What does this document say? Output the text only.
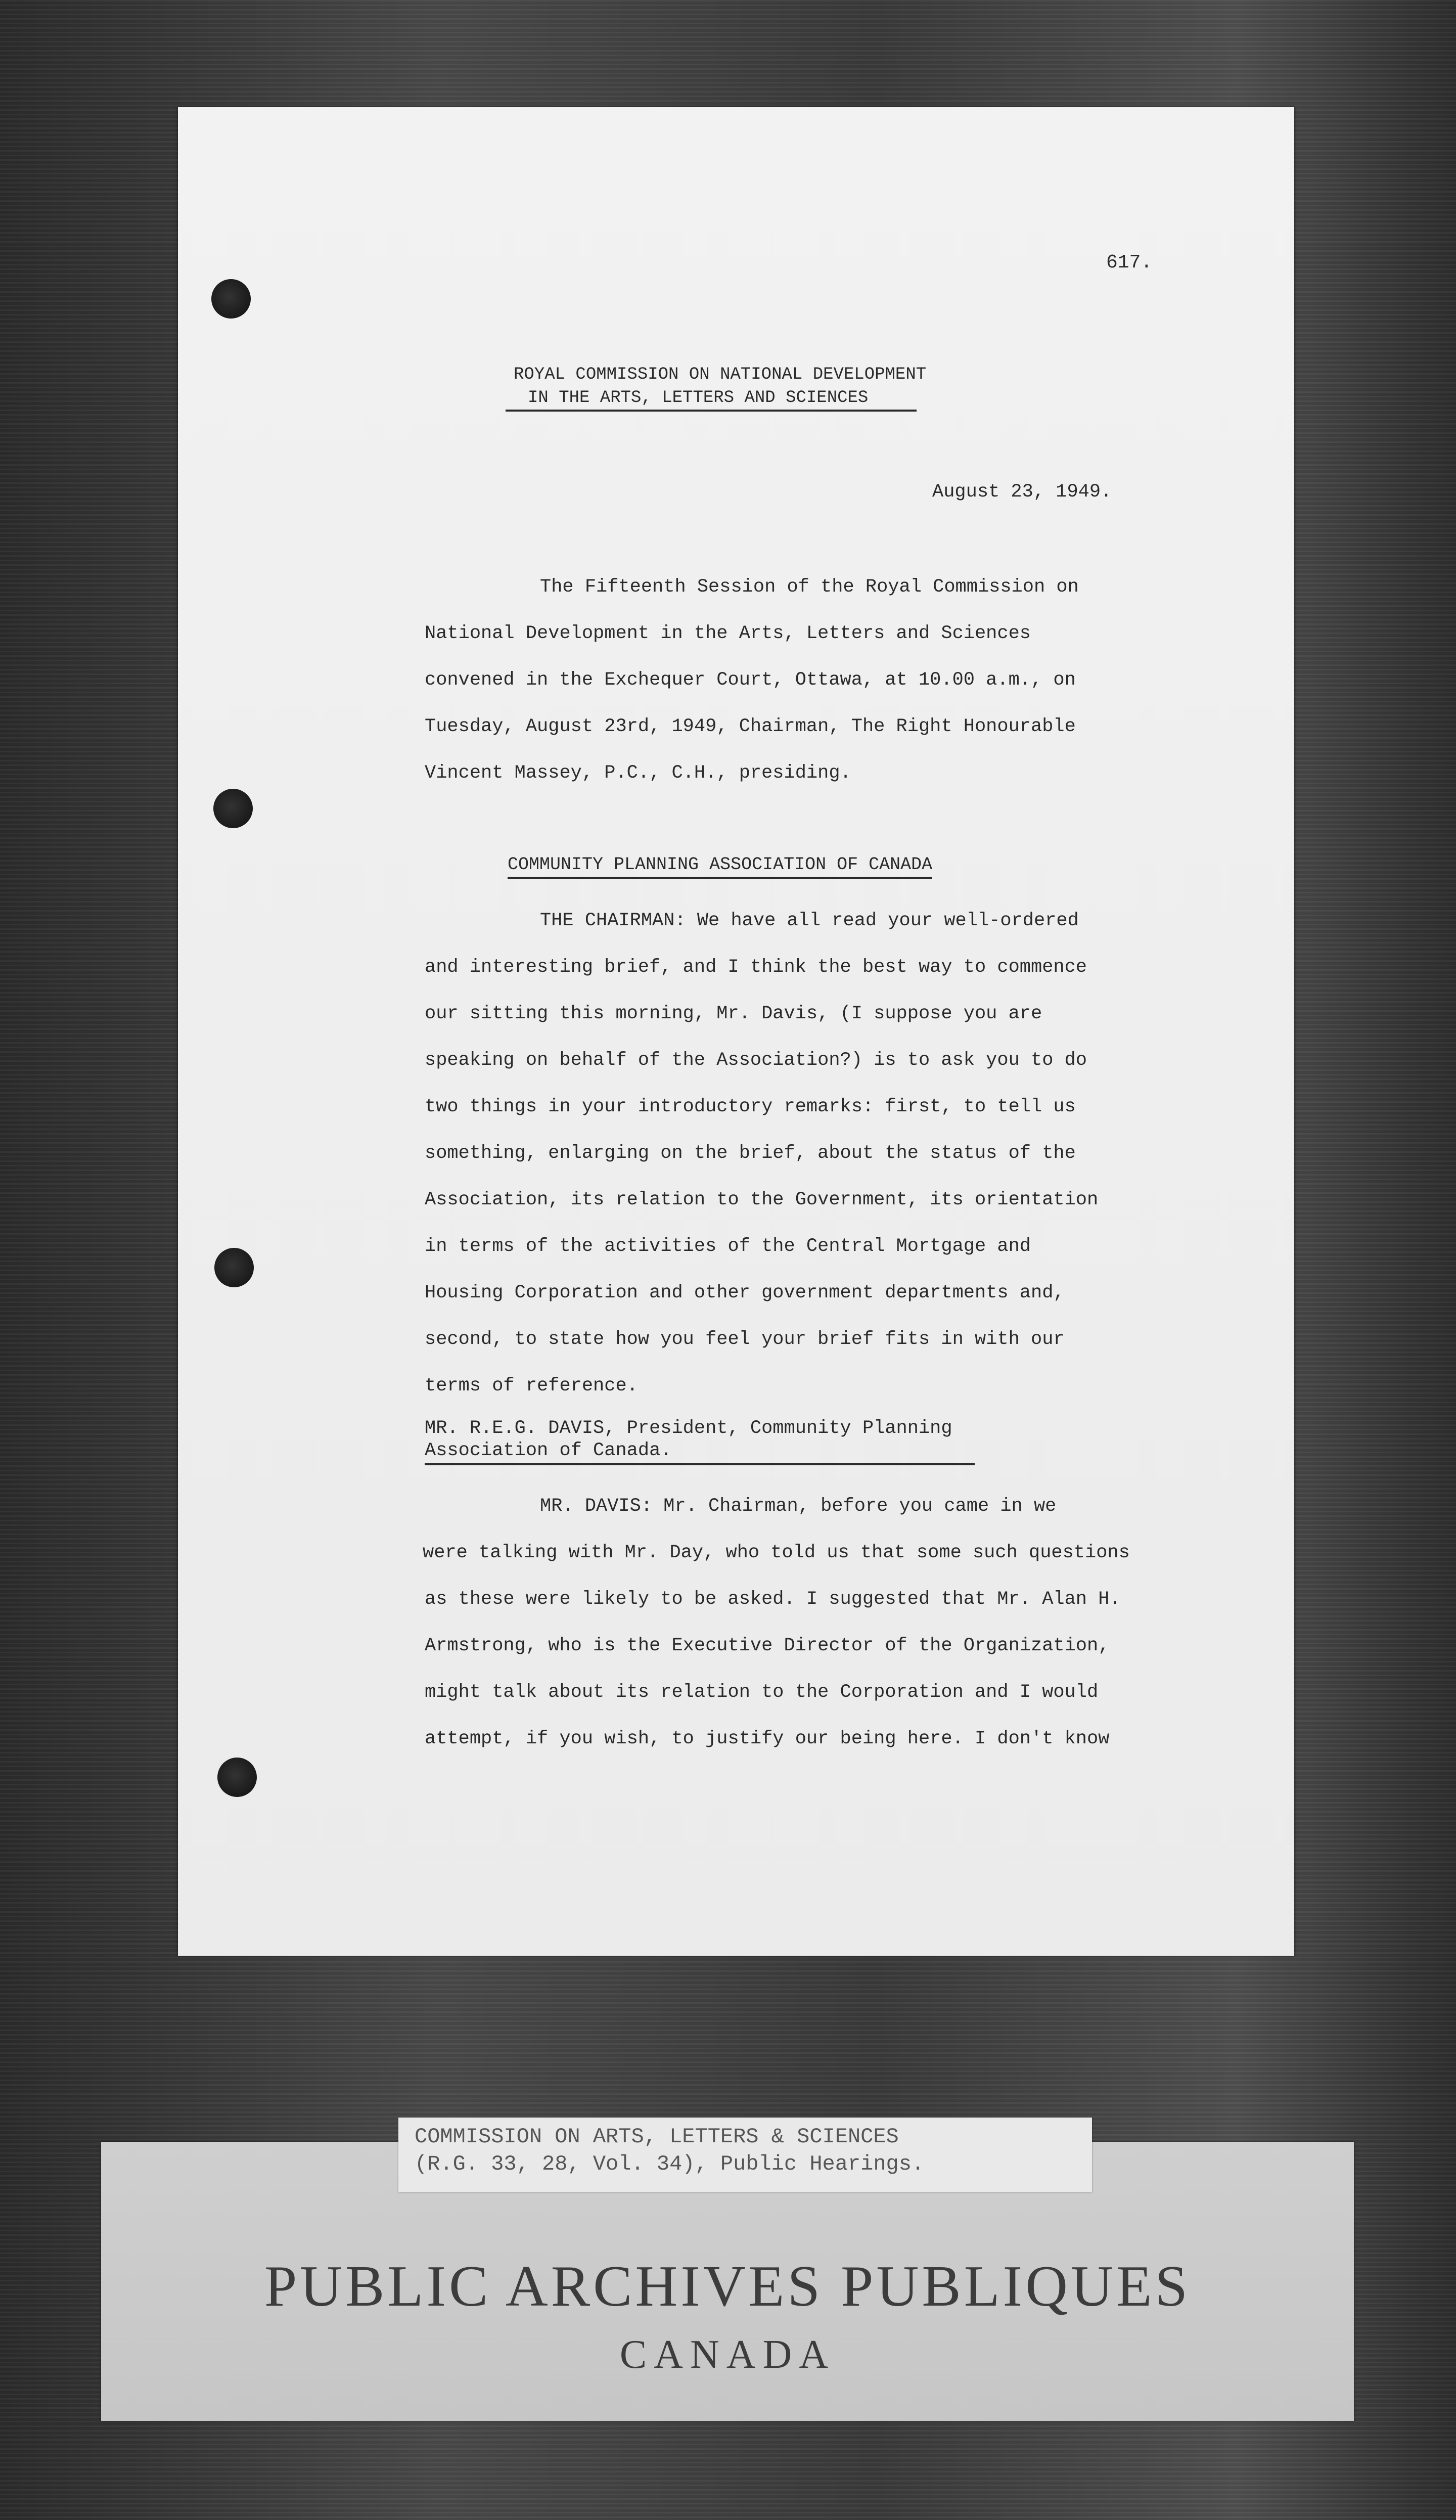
617.
ROYAL COMMISSION ON NATIONAL DEVELOPMENT
IN THE ARTS, LETTERS AND SCIENCES
August 23, 1949.
The Fifteenth Session of the Royal Commission on
National Development in the Arts, Letters and Sciences
convened in the Exchequer Court, Ottawa, at 10.00 a.m., on
Tuesday, August 23rd, 1949, Chairman, The Right Honourable
Vincent Massey, P.C., C.H., presiding.
COMMUNITY PLANNING ASSOCIATION OF CANADA
THE CHAIRMAN: We have all read your well-ordered
and interesting brief, and I think the best way to commence
our sitting this morning, Mr. Davis, (I suppose you are
speaking on behalf of the Association?) is to ask you to do
two things in your introductory remarks: first, to tell us
something, enlarging on the brief, about the status of the
Association, its relation to the Government, its orientation
in terms of the activities of the Central Mortgage and
Housing Corporation and other government departments and,
second, to state how you feel your brief fits in with our
terms of reference.
MR. R.E.G. DAVIS, President, Community Planning
Association of Canada.
MR. DAVIS: Mr. Chairman, before you came in we
were talking with Mr. Day, who told us that some such questions
as these were likely to be asked. I suggested that Mr. Alan H.
Armstrong, who is the Executive Director of the Organization,
might talk about its relation to the Corporation and I would
attempt, if you wish, to justify our being here. I don't know
COMMISSION ON ARTS, LETTERS & SCIENCES
(R.G. 33, 28, Vol. 34), Public Hearings.
PUBLIC ARCHIVES PUBLIQUES
CANADA
